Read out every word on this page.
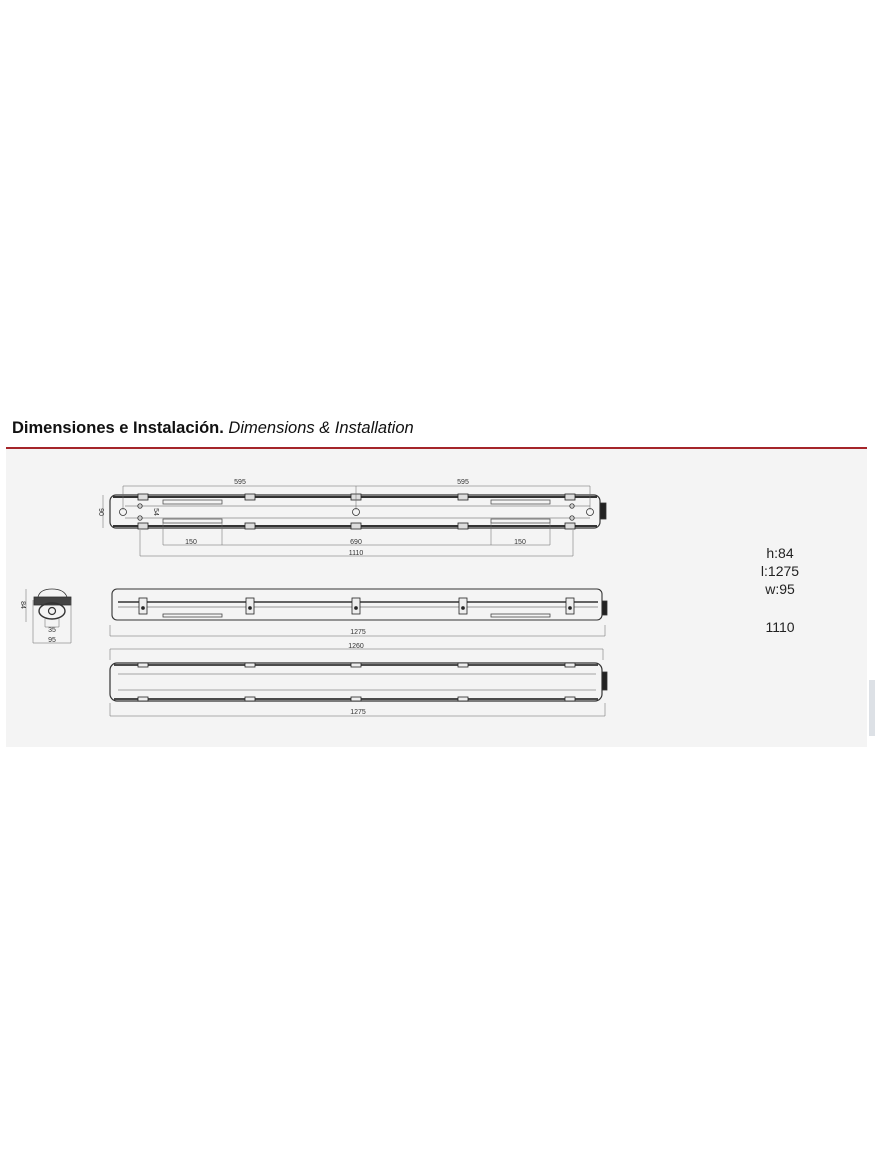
Dimensiones e Instalación. Dimensions & Installation
595	595
90	54
150	690	150
1110
84
35
95
1275
1260
1275
h:84
l:1275
w:95
1110
